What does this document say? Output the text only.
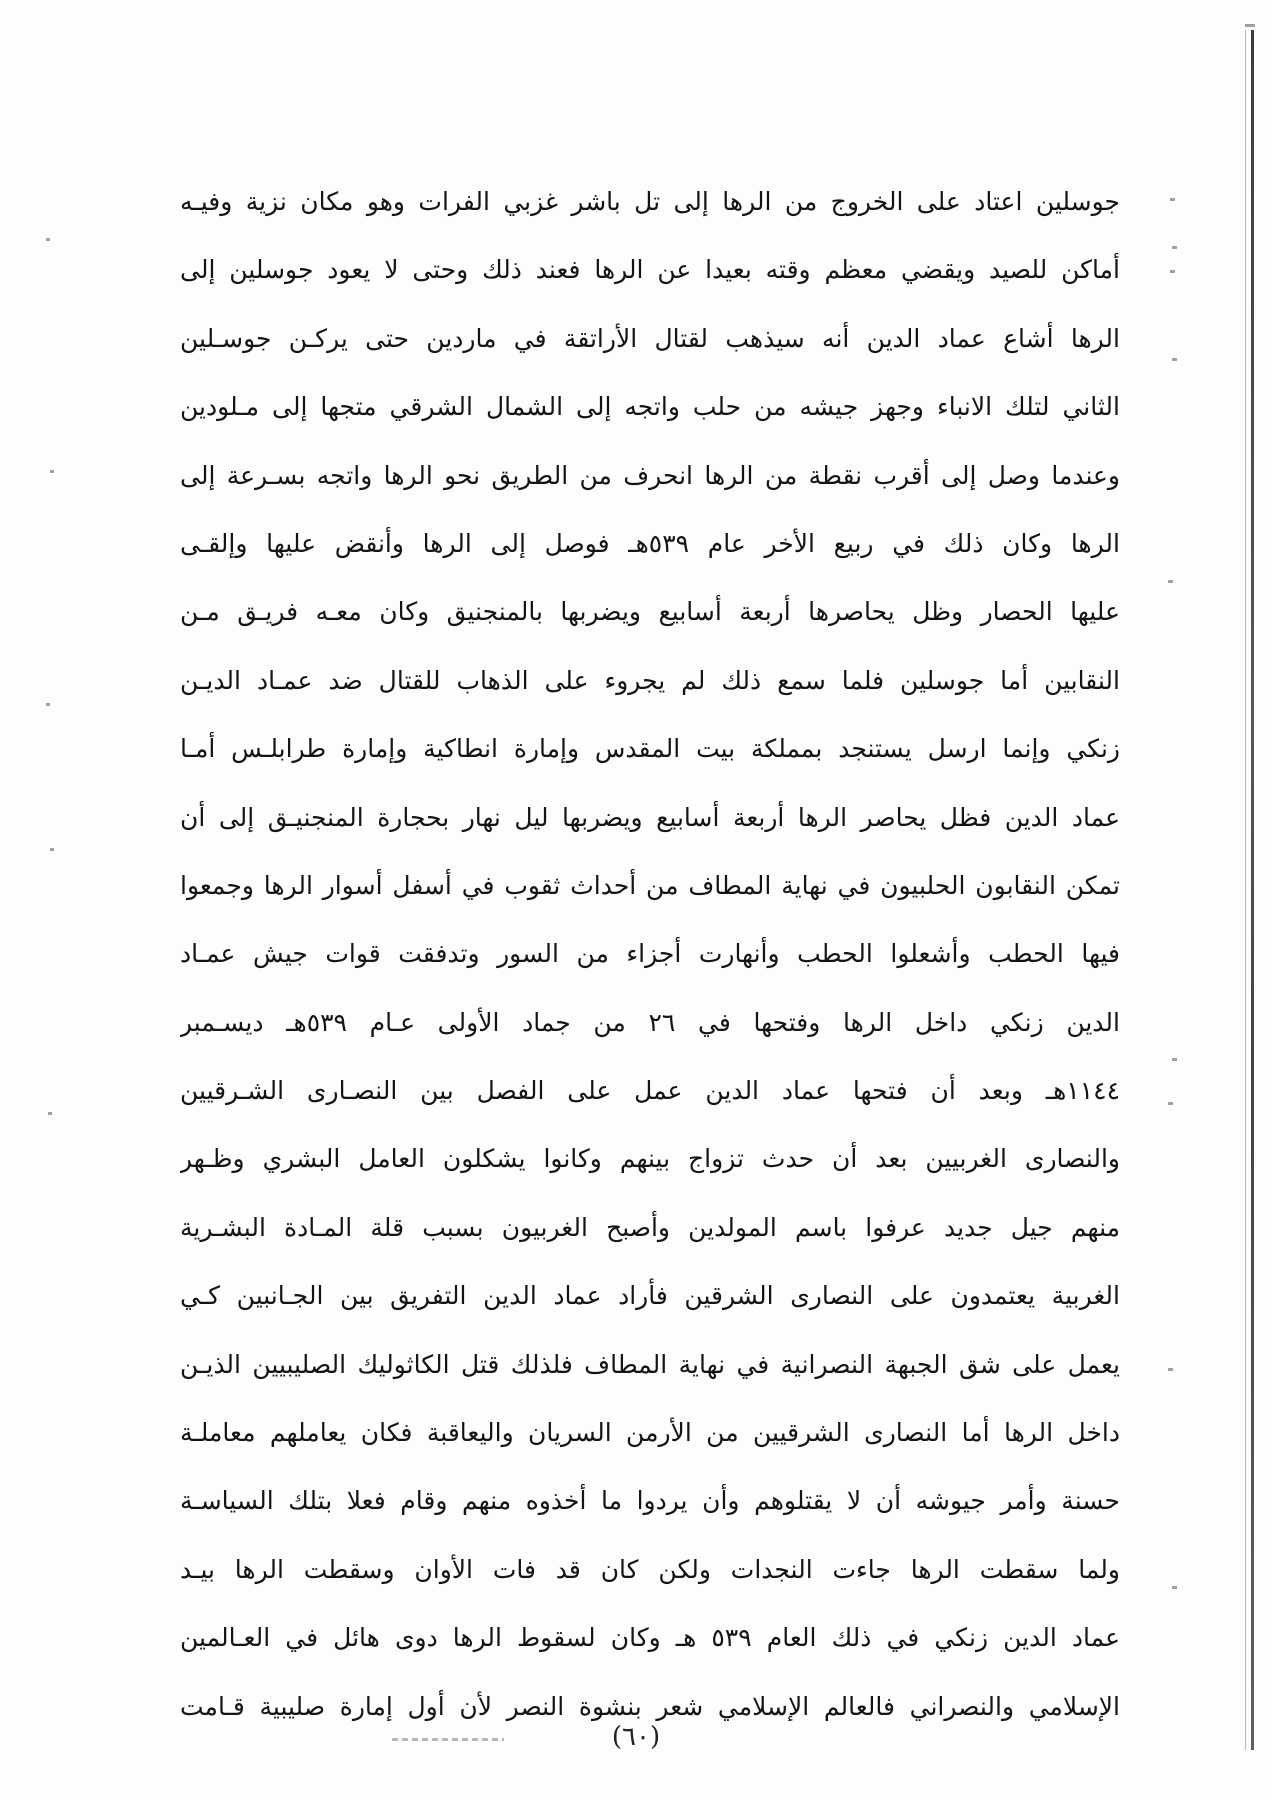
جوسلين اعتاد على الخروج من الرها إلى تل باشر غزبي الفرات وهو مكان نزية وفيـه
أماكن للصيد ويقضي معظم وقته بعيدا عن الرها فعند ذلك وحتى لا يعود جوسلين إلى
الرها أشاع عماد الدين أنه سيذهب لقتال الأراتقة في ماردين حتى يركـن جوسـلين
الثاني لتلك الانباء وجهز جيشه من حلب واتجه إلى الشمال الشرقي متجها إلى مـلودين
وعندما وصل إلى أقرب نقطة من الرها انحرف من الطريق نحو الرها واتجه بسـرعة إلى
الرها وكان ذلك في ربيع الأخر عام ٥٣٩هـ فوصل إلى الرها وأنقض عليها وإلقـى
عليها الحصار وظل يحاصرها أربعة أسابيع ويضربها بالمنجنيق وكان معـه فريـق مـن
النقابين أما جوسلين فلما سمع ذلك لم يجروء على الذهاب للقتال ضد عمـاد الديـن
زنكي وإنما ارسل يستنجد بمملكة بيت المقدس وإمارة انطاكية وإمارة طرابلـس أمـا
عماد الدين فظل يحاصر الرها أربعة أسابيع ويضربها ليل نهار بحجارة المنجنيـق إلى أن
تمكن النقابون الحلبيون في نهاية المطاف من أحداث ثقوب في أسفل أسوار الرها وجمعوا
فيها الحطب وأشعلوا الحطب وأنهارت أجزاء من السور وتدفقت قوات جيش عمـاد
الدين زنكي داخل الرها وفتحها في ٢٦ من جماد الأولى عـام ٥٣٩هـ ديسـمبر
١١٤٤هـ وبعد أن فتحها عماد الدين عمل على الفصل بين النصـارى الشـرقيين
والنصارى الغربيين بعد أن حدث تزواج بينهم وكانوا يشكلون العامل البشري وظـهر
منهم جيل جديد عرفوا باسم المولدين وأصبح الغربيون بسبب قلة المـادة البشـرية
الغربية يعتمدون على النصارى الشرقين فأراد عماد الدين التفريق بين الجـانبين كـي
يعمل على شق الجبهة النصرانية في نهاية المطاف فلذلك قتل الكاثوليك الصليبيين الذيـن
داخل الرها أما النصارى الشرقيين من الأرمن السريان واليعاقبة فكان يعاملهم معاملـة
حسنة وأمر جيوشه أن لا يقتلوهم وأن يردوا ما أخذوه منهم وقام فعلا بتلك السياسـة
ولما سقطت الرها جاءت النجدات ولكن كان قد فات الأوان وسقطت الرها بيـد
عماد الدين زنكي في ذلك العام ٥٣٩ هـ وكان لسقوط الرها دوى هائل في العـالمين
الإسلامي والنصراني فالعالم الإسلامي شعر بنشوة النصر لأن أول إمارة صليبية قـامت
(٦٠)
